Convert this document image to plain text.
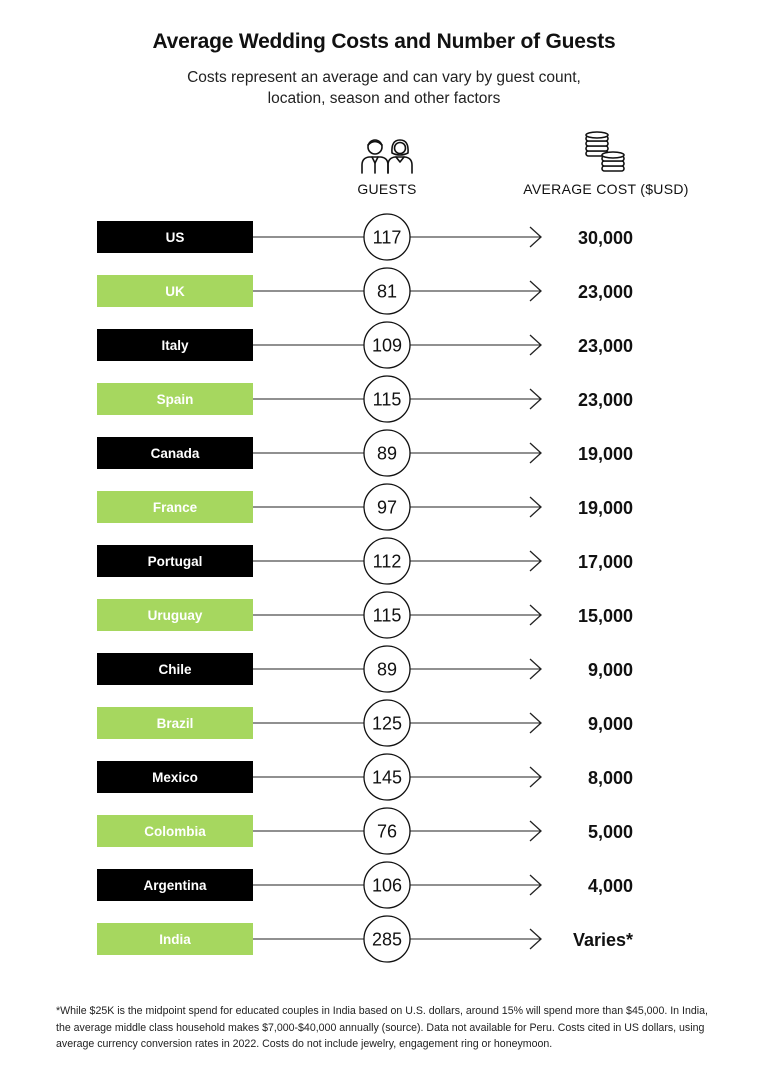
Average Wedding Costs and Number of Guests
Costs represent an average and can vary by guest count, location, season and other factors
GUESTS	AVERAGE COST ($USD)
US	117	30,000
UK	81	23,000
Italy	109	23,000
Spain	115	23,000
Canada	89	19,000
France	97	19,000
Portugal	112	17,000
Uruguay	115	15,000
Chile	89	9,000
Brazil	125	9,000
Mexico	145	8,000
Colombia	76	5,000
Argentina	106	4,000
India	285	Varies*
*While $25K is the midpoint spend for educated couples in India based on U.S. dollars, around 15% will spend more than $45,000. In India, the average middle class household makes $7,000-$40,000 annually (source). Data not available for Peru. Costs cited in US dollars, using average currency conversion rates in 2022. Costs do not include jewelry, engagement ring or honeymoon.
